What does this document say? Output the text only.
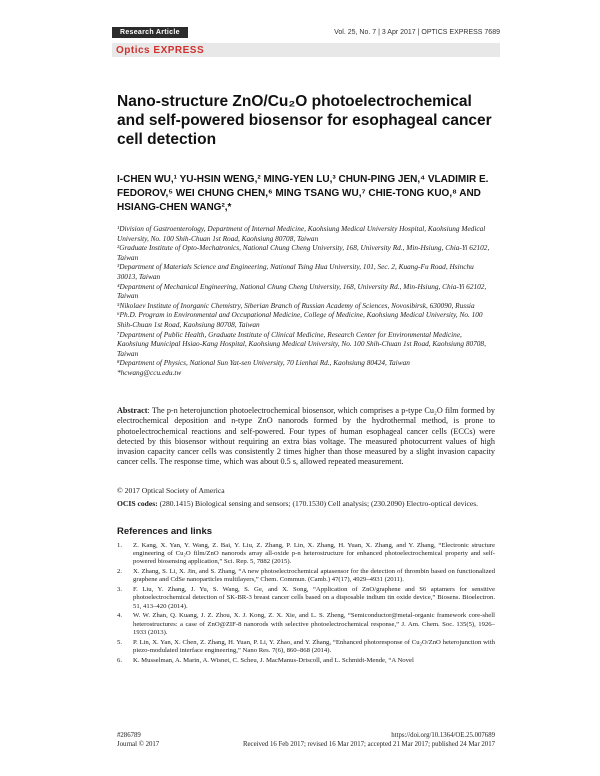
Research Article	Vol. 25, No. 7 | 3 Apr 2017 | OPTICS EXPRESS 7689
Optics EXPRESS
Nano-structure ZnO/Cu₂O photoelectrochemical and self-powered biosensor for esophageal cancer cell detection
I-CHEN WU,¹ YU-HSIN WENG,² MING-YEN LU,³ CHUN-PING JEN,⁴ VLADIMIR E. FEDOROV,⁵ WEI CHUNG CHEN,⁶ MING TSANG WU,⁷ CHIE-TONG KUO,⁸ AND HSIANG-CHEN WANG²,*

¹Division of Gastroenterology, Department of Internal Medicine, Kaohsiung Medical University Hospital, Kaohsiung Medical University, No. 100 Shih-Chuan 1st Road, Kaohsiung 80708, Taiwan

²Graduate Institute of Opto-Mechatronics, National Chung Cheng University, 168, University Rd., Min-Hsiung, Chia-Yi 62102, Taiwan

³Department of Materials Science and Engineering, National Tsing Hua University, 101, Sec. 2, Kuang-Fu Road, Hsinchu 30013, Taiwan

⁴Department of Mechanical Engineering, National Chung Cheng University, 168, University Rd., Min-Hsiung, Chia-Yi 62102, Taiwan

⁵Nikolaev Institute of Inorganic Chemistry, Siberian Branch of Russian Academy of Sciences, Novosibirsk, 630090, Russia

⁶Ph.D. Program in Environmental and Occupational Medicine, College of Medicine, Kaohsiung Medical University, No. 100 Shih-Chuan 1st Road, Kaohsiung 80708, Taiwan

⁷Department of Public Health, Graduate Institute of Clinical Medicine, Research Center for Environmental Medicine, Kaohsiung Municipal Hsiao-Kang Hospital, Kaohsiung Medical University, No. 100 Shih-Chuan 1st Road, Kaohsiung 80708, Taiwan

⁸Department of Physics, National Sun Yat-sen University, 70 Lienhai Rd., Kaohsiung 80424, Taiwan

*hcwang@ccu.edu.tw

Abstract: The p-n heterojunction photoelectrochemical biosensor, which comprises a p-type Cu₂O film formed by electrochemical deposition and n-type ZnO nanorods formed by the hydrothermal method, is prone to photoelectrochemical reactions and self-powered. Four types of human esophageal cancer cells (ECCs) were detected by this biosensor without requiring an extra bias voltage. The measured photocurrent values of high invasion capacity cancer cells was consistently 2 times higher than those measured by a slight invasion capacity cancer cells. The response time, which was about 0.5 s, allowed repeated measurement.

© 2017 Optical Society of America
OCIS codes: (280.1415) Biological sensing and sensors; (170.1530) Cell analysis; (230.2090) Electro-optical devices.
References and links
1.	Z. Kang, X. Yan, Y. Wang, Z. Bai, Y. Liu, Z. Zhang, P. Lin, X. Zhang, H. Yuan, X. Zhang, and Y. Zhang, “Electronic structure engineering of Cu₂O film/ZnO nanorods array all-oxide p-n heterostructure for enhanced photoelectrochemical property and self-powered biosensing application,” Sci. Rep. 5, 7882 (2015).
2.	X. Zhang, S. Li, X. Jin, and S. Zhang, “A new photoelectrochemical aptasensor for the detection of thrombin based on functionalized graphene and CdSe nanoparticles multilayers,” Chem. Commun. (Camb.) 47(17), 4929–4931 (2011).
3.	F. Liu, Y. Zhang, J. Yu, S. Wang, S. Ge, and X. Song, “Application of ZnO/graphene and S6 aptamers for sensitive photoelectrochemical detection of SK-BR-3 breast cancer cells based on a disposable indium tin oxide device,” Biosens. Bioelectron. 51, 413–420 (2014).
4.	W. W. Zhan, Q. Kuang, J. Z. Zhou, X. J. Kong, Z. X. Xie, and L. S. Zheng, “Semiconductor@metal-organic framework core-shell heterostructures: a case of ZnO@ZIF-8 nanorods with selective photoelectrochemical response,” J. Am. Chem. Soc. 135(5), 1926–1933 (2013).
5.	P. Lin, X. Yan, X. Chen, Z. Zhang, H. Yuan, P. Li, Y. Zhao, and Y. Zhang, “Enhanced photoresponse of Cu₂O/ZnO heterojunction with piezo-modulated interface engineering,” Nano Res. 7(6), 860–868 (2014).
6.	K. Musselman, A. Marin, A. Wisnet, C. Scheu, J. MacManus-Driscoll, and L. Schmidt-Mende, “A Novel
#286789	https://doi.org/10.1364/OE.25.007689
Journal © 2017	Received 16 Feb 2017; revised 16 Mar 2017; accepted 21 Mar 2017; published 24 Mar 2017
